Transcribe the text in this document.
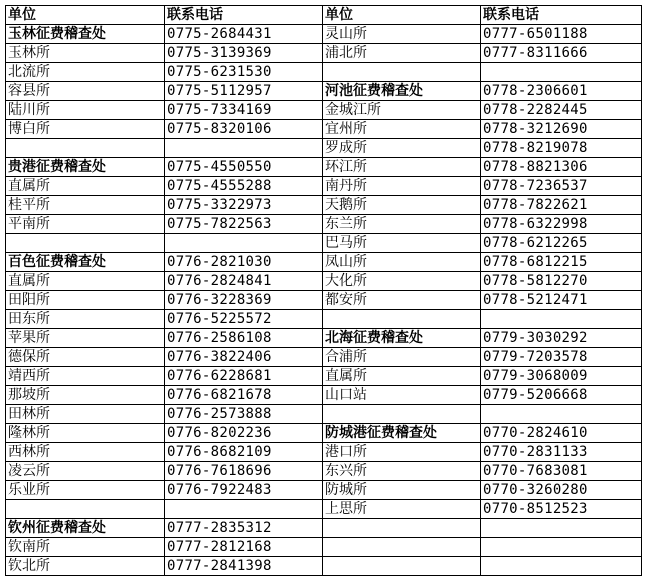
单位	联系电话	单位	联系电话
玉林征费稽查处	0775-2684431	灵山所	0777-6501188
玉林所	0775-3139369	浦北所	0777-8311666
北流所	0775-6231530		
容县所	0775-5112957	河池征费稽查处	0778-2306601
陆川所	0775-7334169	金城江所	0778-2282445
博白所	0775-8320106	宜州所	0778-3212690
		罗成所	0778-8219078
贵港征费稽查处	0775-4550550	环江所	0778-8821306
直属所	0775-4555288	南丹所	0778-7236537
桂平所	0775-3322973	天鹅所	0778-7822621
平南所	0775-7822563	东兰所	0778-6322998
		巴马所	0778-6212265
百色征费稽查处	0776-2821030	凤山所	0778-6812215
直属所	0776-2824841	大化所	0778-5812270
田阳所	0776-3228369	都安所	0778-5212471
田东所	0776-5225572		
苹果所	0776-2586108	北海征费稽查处	0779-3030292
德保所	0776-3822406	合浦所	0779-7203578
靖西所	0776-6228681	直属所	0779-3068009
那坡所	0776-6821678	山口站	0779-5206668
田林所	0776-2573888		
隆林所	0776-8202236	防城港征费稽查处	0770-2824610
西林所	0776-8682109	港口所	0770-2831133
凌云所	0776-7618696	东兴所	0770-7683081
乐业所	0776-7922483	防城所	0770-3260280
		上思所	0770-8512523
钦州征费稽查处	0777-2835312		
钦南所	0777-2812168		
钦北所	0777-2841398		
